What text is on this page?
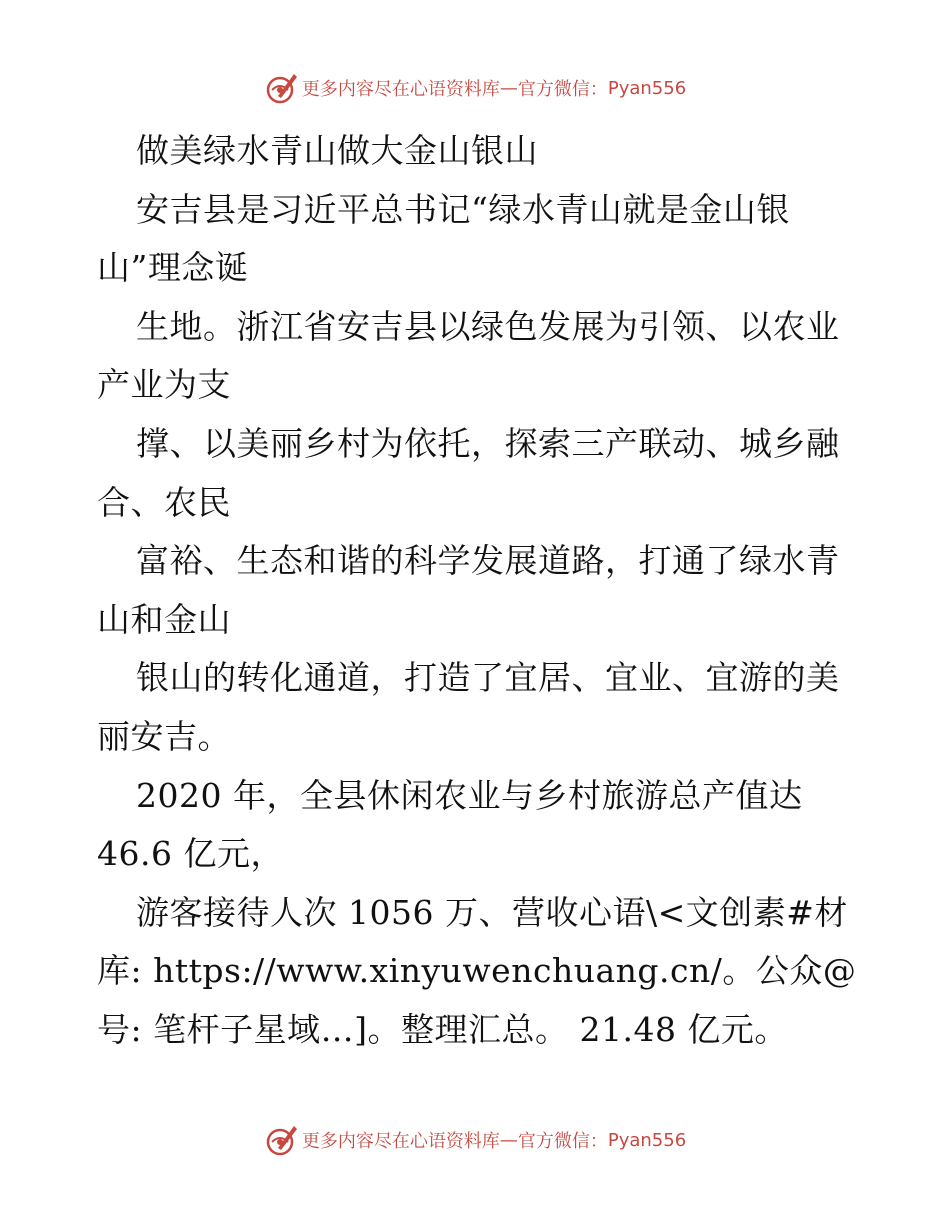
更多内容尽在心语资料库 — 官方微信： Pyan556
做美绿水青山做大金山银山
安吉县是习近平总书记“绿水青山就是金山银
山”理念诞
生地。浙江省安吉县以绿色发展为引领、以农业
产业为支
撑、以美丽乡村为依托，探索三产联动、城乡融
合、农民
富裕、生态和谐的科学发展道路，打通了绿水青
山和金山
银山的转化通道，打造了宜居、宜业、宜游的美
丽安吉。
2020 年，全县休闲农业与乡村旅游总产值达
46.6 亿元，
游客接待人次 1056 万、营收心语\<文创素#材
库: https://www.xinyuwenchuang.cn/。公众@
号: 笔杆子星域…]。整理汇总。 21.48 亿元。
更多内容尽在心语资料库 — 官方微信： Pyan556
